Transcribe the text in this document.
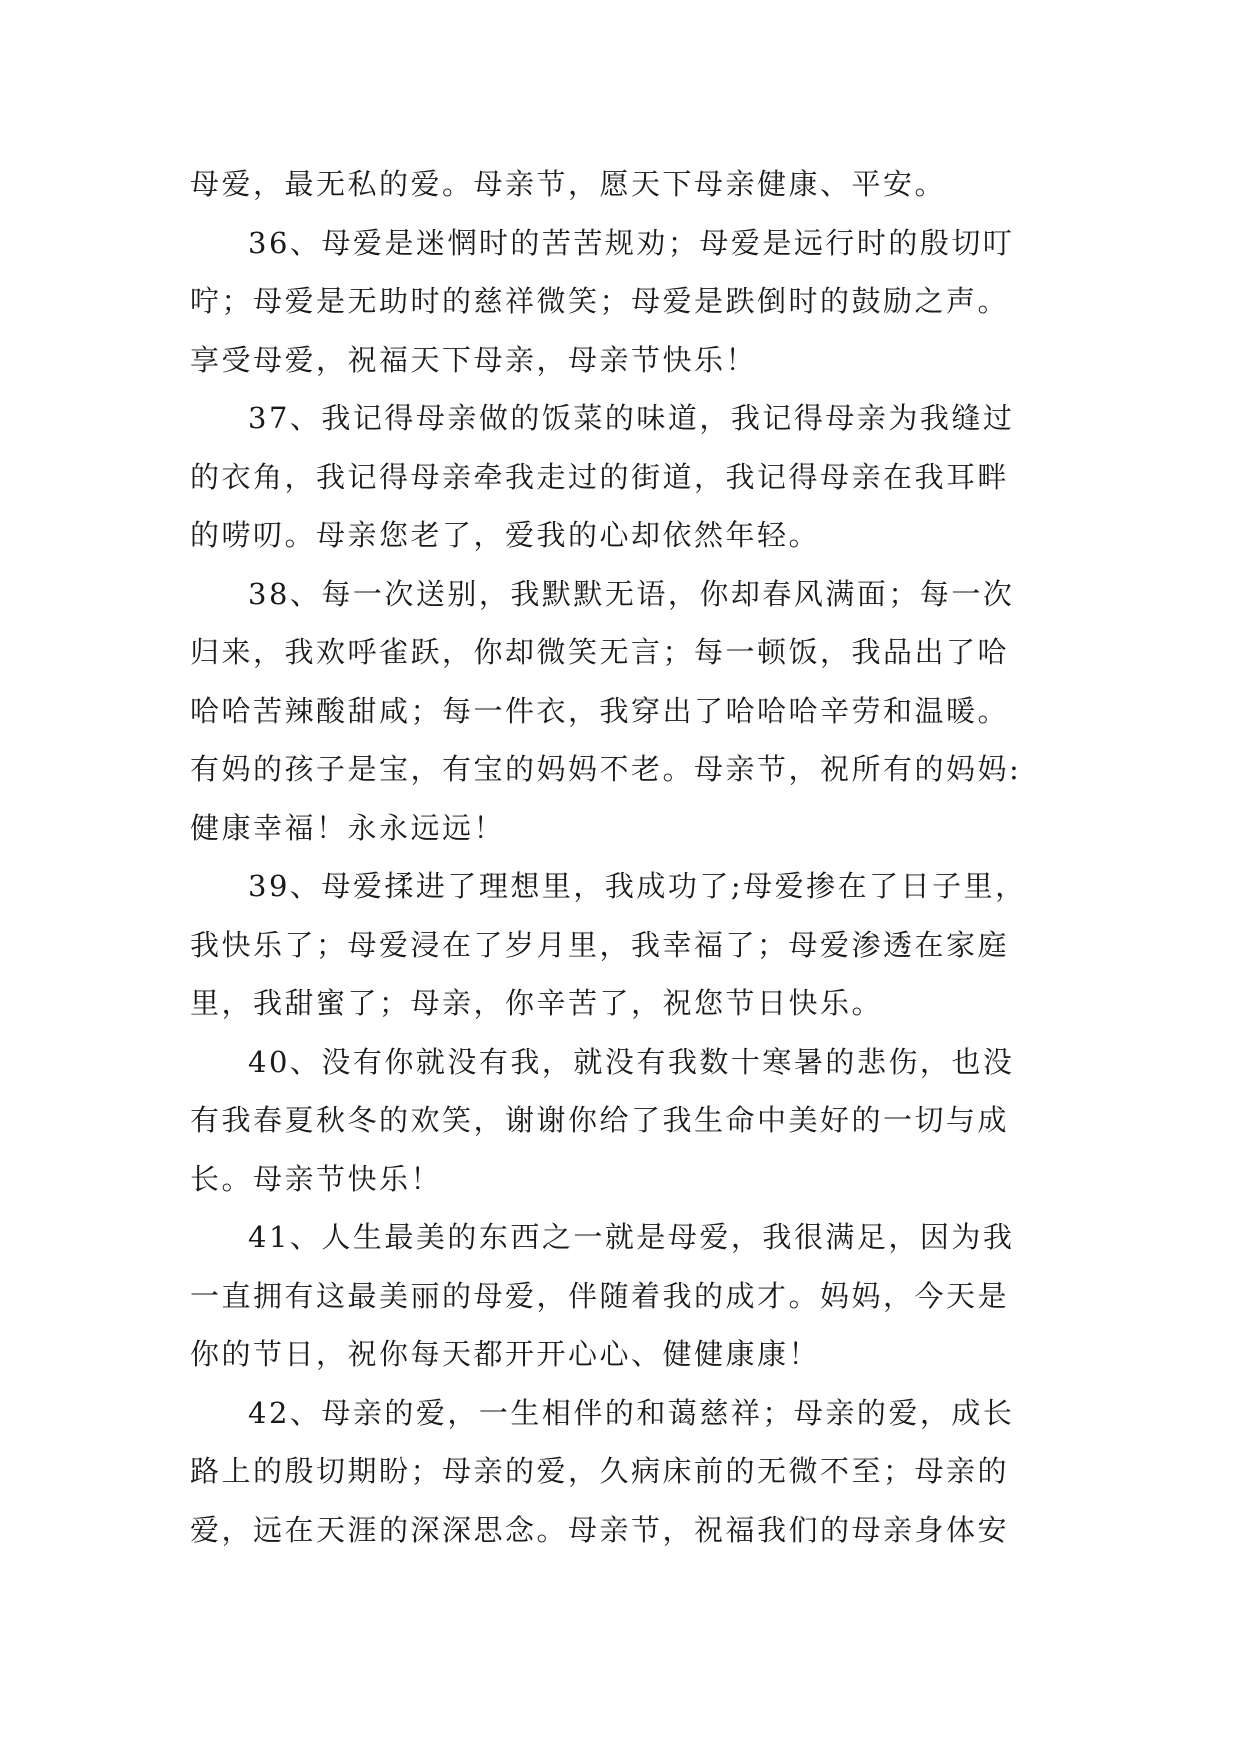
母爱，最无私的爱。母亲节，愿天下母亲健康、平安。
36、母爱是迷惘时的苦苦规劝；母爱是远行时的殷切叮
咛；母爱是无助时的慈祥微笑；母爱是跌倒时的鼓励之声。
享受母爱，祝福天下母亲，母亲节快乐！
37、我记得母亲做的饭菜的味道，我记得母亲为我缝过
的衣角，我记得母亲牵我走过的街道，我记得母亲在我耳畔
的唠叨。母亲您老了，爱我的心却依然年轻。
38、每一次送别，我默默无语，你却春风满面；每一次
归来，我欢呼雀跃，你却微笑无言；每一顿饭，我品出了哈
哈哈苦辣酸甜咸；每一件衣，我穿出了哈哈哈辛劳和温暖。
有妈的孩子是宝，有宝的妈妈不老。母亲节，祝所有的妈妈:
健康幸福！永永远远！
39、母爱揉进了理想里，我成功了;母爱掺在了日子里，
我快乐了；母爱浸在了岁月里，我幸福了；母爱渗透在家庭
里，我甜蜜了；母亲，你辛苦了，祝您节日快乐。
40、没有你就没有我，就没有我数十寒暑的悲伤，也没
有我春夏秋冬的欢笑，谢谢你给了我生命中美好的一切与成
长。母亲节快乐！
41、人生最美的东西之一就是母爱，我很满足，因为我
一直拥有这最美丽的母爱，伴随着我的成才。妈妈，今天是
你的节日，祝你每天都开开心心、健健康康！
42、母亲的爱，一生相伴的和蔼慈祥；母亲的爱，成长
路上的殷切期盼；母亲的爱，久病床前的无微不至；母亲的
爱，远在天涯的深深思念。母亲节，祝福我们的母亲身体安
